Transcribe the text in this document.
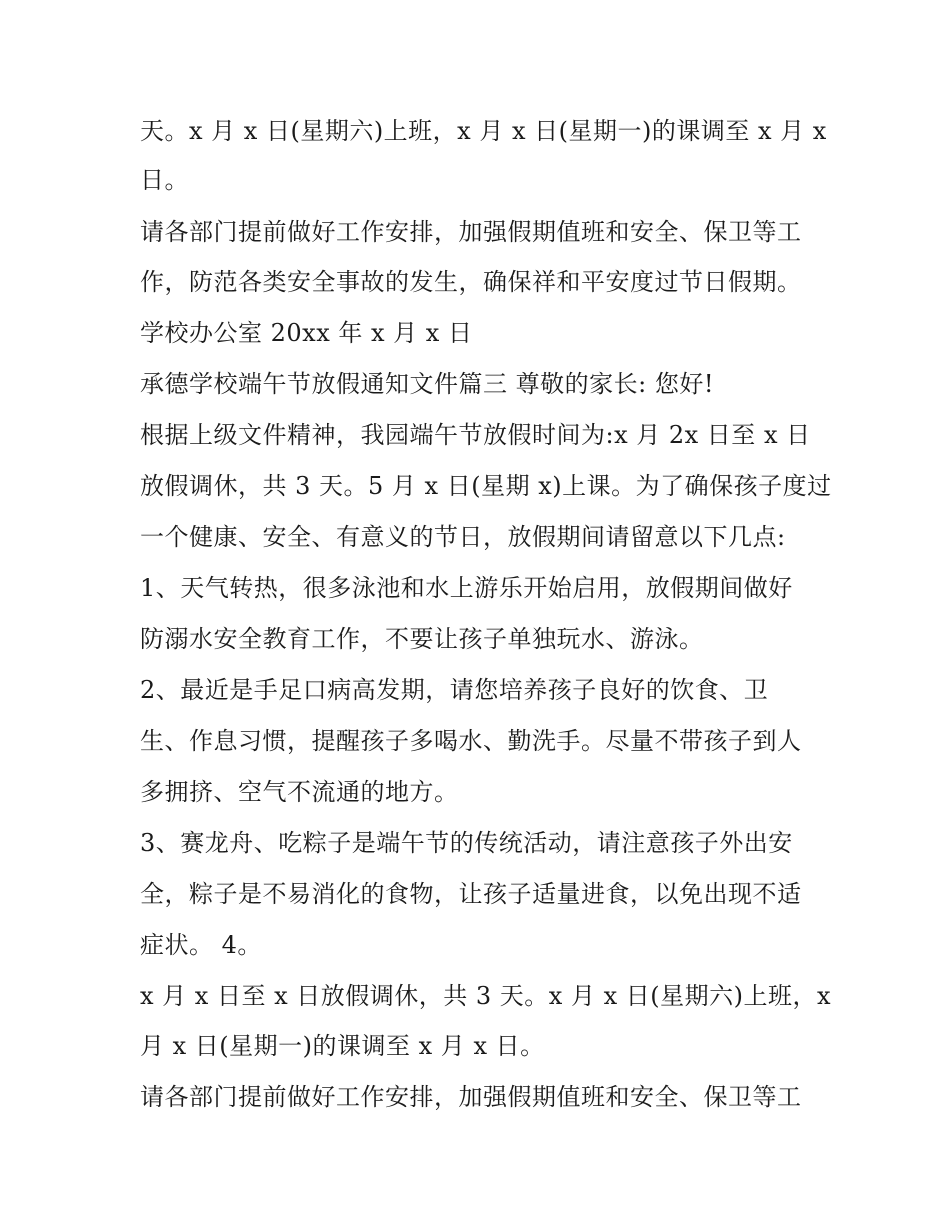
天。x 月 x 日(星期六)上班，x 月 x 日(星期一)的课调至 x 月 x
日。
请各部门提前做好工作安排，加强假期值班和安全、保卫等工
作，防范各类安全事故的发生，确保祥和平安度过节日假期。
学校办公室 20xx 年 x 月 x 日
承德学校端午节放假通知文件篇三 尊敬的家长: 您好!
根据上级文件精神，我园端午节放假时间为:x 月 2x 日至 x 日
放假调休，共 3 天。5 月 x 日(星期 x)上课。为了确保孩子度过
一个健康、安全、有意义的节日，放假期间请留意以下几点:
1、天气转热，很多泳池和水上游乐开始启用，放假期间做好
防溺水安全教育工作，不要让孩子单独玩水、游泳。
2、最近是手足口病高发期，请您培养孩子良好的饮食、卫
生、作息习惯，提醒孩子多喝水、勤洗手。尽量不带孩子到人
多拥挤、空气不流通的地方。
3、赛龙舟、吃粽子是端午节的传统活动，请注意孩子外出安
全，粽子是不易消化的食物，让孩子适量进食，以免出现不适
症状。 4。
x 月 x 日至 x 日放假调休，共 3 天。x 月 x 日(星期六)上班，x
月 x 日(星期一)的课调至 x 月 x 日。
请各部门提前做好工作安排，加强假期值班和安全、保卫等工
